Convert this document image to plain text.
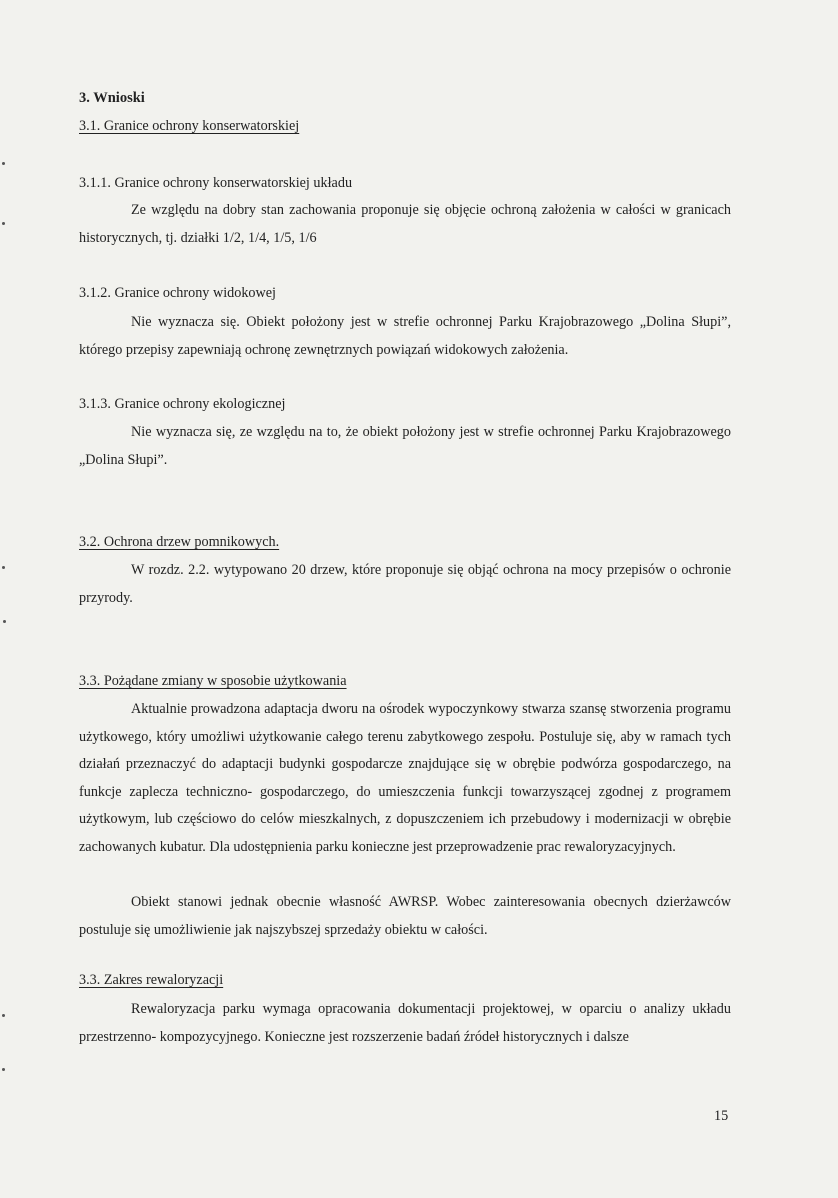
3. Wnioski

3.1. Granice ochrony konserwatorskiej

3.1.1. Granice ochrony konserwatorskiej układu

Ze względu na dobry stan zachowania proponuje się objęcie ochroną założenia w całości w granicach historycznych, tj. działki 1/2, 1/4, 1/5, 1/6

3.1.2. Granice ochrony widokowej

Nie wyznacza się. Obiekt położony jest w strefie ochronnej Parku Krajobrazowego „Dolina Słupi”, którego przepisy zapewniają ochronę zewnętrznych powiązań widokowych założenia.

3.1.3. Granice ochrony ekologicznej

Nie wyznacza się, ze względu na to, że obiekt położony jest w strefie ochronnej Parku Krajobrazowego „Dolina Słupi”.

3.2. Ochrona drzew pomnikowych.

W rozdz. 2.2. wytypowano 20 drzew, które proponuje się objąć ochrona na mocy przepisów o ochronie przyrody.

3.3. Pożądane zmiany w sposobie użytkowania

Aktualnie prowadzona adaptacja dworu na ośrodek wypoczynkowy stwarza szansę stworzenia programu użytkowego, który umożliwi użytkowanie całego terenu zabytkowego zespołu. Postuluje się, aby w ramach tych działań przeznaczyć do adaptacji budynki gospodarcze znajdujące się w obrębie podwórza gospodarczego, na funkcje zaplecza techniczno- gospodarczego, do umieszczenia funkcji towarzyszącej zgodnej z programem użytkowym, lub częściowo do celów mieszkalnych, z dopuszczeniem ich przebudowy i modernizacji w obrębie zachowanych kubatur. Dla udostępnienia parku konieczne jest przeprowadzenie prac rewaloryzacyjnych.

Obiekt stanowi jednak obecnie własność AWRSP. Wobec zainteresowania obecnych dzierżawców postuluje się umożliwienie jak najszybszej sprzedaży obiektu w całości.

3.3. Zakres rewaloryzacji

Rewaloryzacja parku wymaga opracowania dokumentacji projektowej, w oparciu o analizy układu przestrzenno- kompozycyjnego. Konieczne jest rozszerzenie badań źródeł historycznych i dalsze

15
